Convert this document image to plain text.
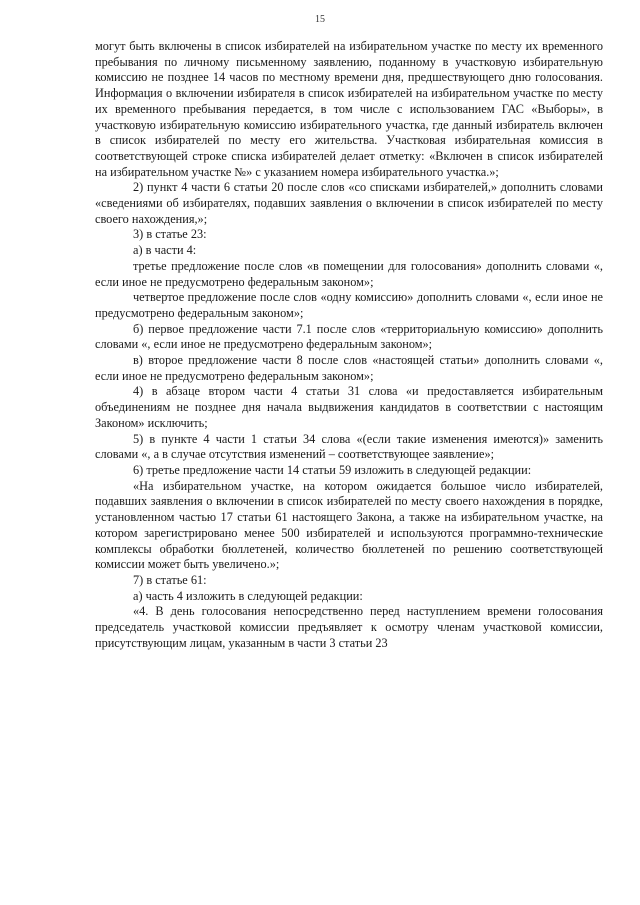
15

могут быть включены в список избирателей на избирательном участке по месту их временного пребывания по личному письменному заявлению, поданному в участковую избирательную комиссию не позднее 14 часов по местному времени дня, предшествующего дню голосования. Информация о включении избирателя в список избирателей на избирательном участке по месту их временного пребывания передается, в том числе с использованием ГАС «Выборы», в участковую избирательную комиссию избирательного участка, где данный избиратель включен в список избирателей по месту его жительства. Участковая избирательная комиссия в соответствующей строке списка избирателей делает отметку: «Включен в список избирателей на избирательном участке №» с указанием номера избирательного участка.»;

2) пункт 4 части 6 статьи 20 после слов «со списками избирателей,» дополнить словами «сведениями об избирателях, подавших заявления о включении в список избирателей по месту своего нахождения,»;

3) в статье 23:

а) в части 4:

третье предложение после слов «в помещении для голосования» дополнить словами «, если иное не предусмотрено федеральным законом»;

четвертое предложение после слов «одну комиссию» дополнить словами «, если иное не предусмотрено федеральным законом»;

б) первое предложение части 7.1 после слов «территориальную комиссию» дополнить словами «, если иное не предусмотрено федеральным законом»;

в) второе предложение части 8 после слов «настоящей статьи» дополнить словами «, если иное не предусмотрено федеральным законом»;

4) в абзаце втором части 4 статьи 31 слова «и предоставляется избирательным объединениям не позднее дня начала выдвижения кандидатов в соответствии с настоящим Законом» исключить;

5) в пункте 4 части 1 статьи 34 слова «(если такие изменения имеются)» заменить словами «, а в случае отсутствия изменений – соответствующее заявление»;

6) третье предложение части 14 статьи 59 изложить в следующей редакции:

«На избирательном участке, на котором ожидается большое число избирателей, подавших заявления о включении в список избирателей по месту своего нахождения в порядке, установленном частью 17 статьи 61 настоящего Закона, а также на избирательном участке, на котором зарегистрировано менее 500 избирателей и используются программно-технические комплексы обработки бюллетеней, количество бюллетеней по решению соответствующей комиссии может быть увеличено.»;

7) в статье 61:

а) часть 4 изложить в следующей редакции:

«4. В день голосования непосредственно перед наступлением времени голосования председатель участковой комиссии предъявляет к осмотру членам участковой комиссии, присутствующим лицам, указанным в части 3 статьи 23
